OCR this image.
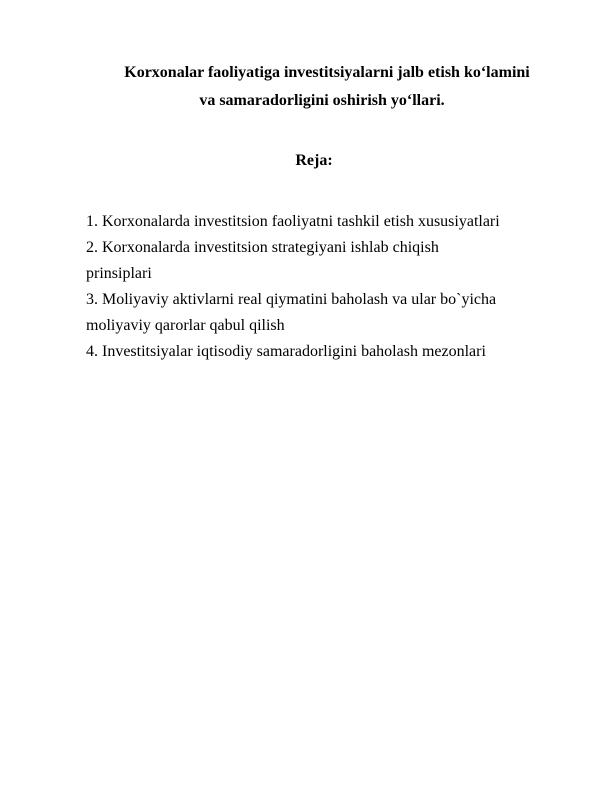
Korxonalar faoliyatiga investitsiyalarni jalb etish ko‘lamini
va samaradorligini oshirish yo‘llari.
Reja:
1. Korxonalarda investitsion faoliyatni tashkil etish xususiyatlari
2. Korxonalarda investitsion strategiyani ishlab chiqish
prinsiplari
3. Moliyaviy aktivlarni real qiymatini baholash va ular bo`yicha
moliyaviy qarorlar qabul qilish
4. Investitsiyalar iqtisodiy samaradorligini baholash mezonlari
